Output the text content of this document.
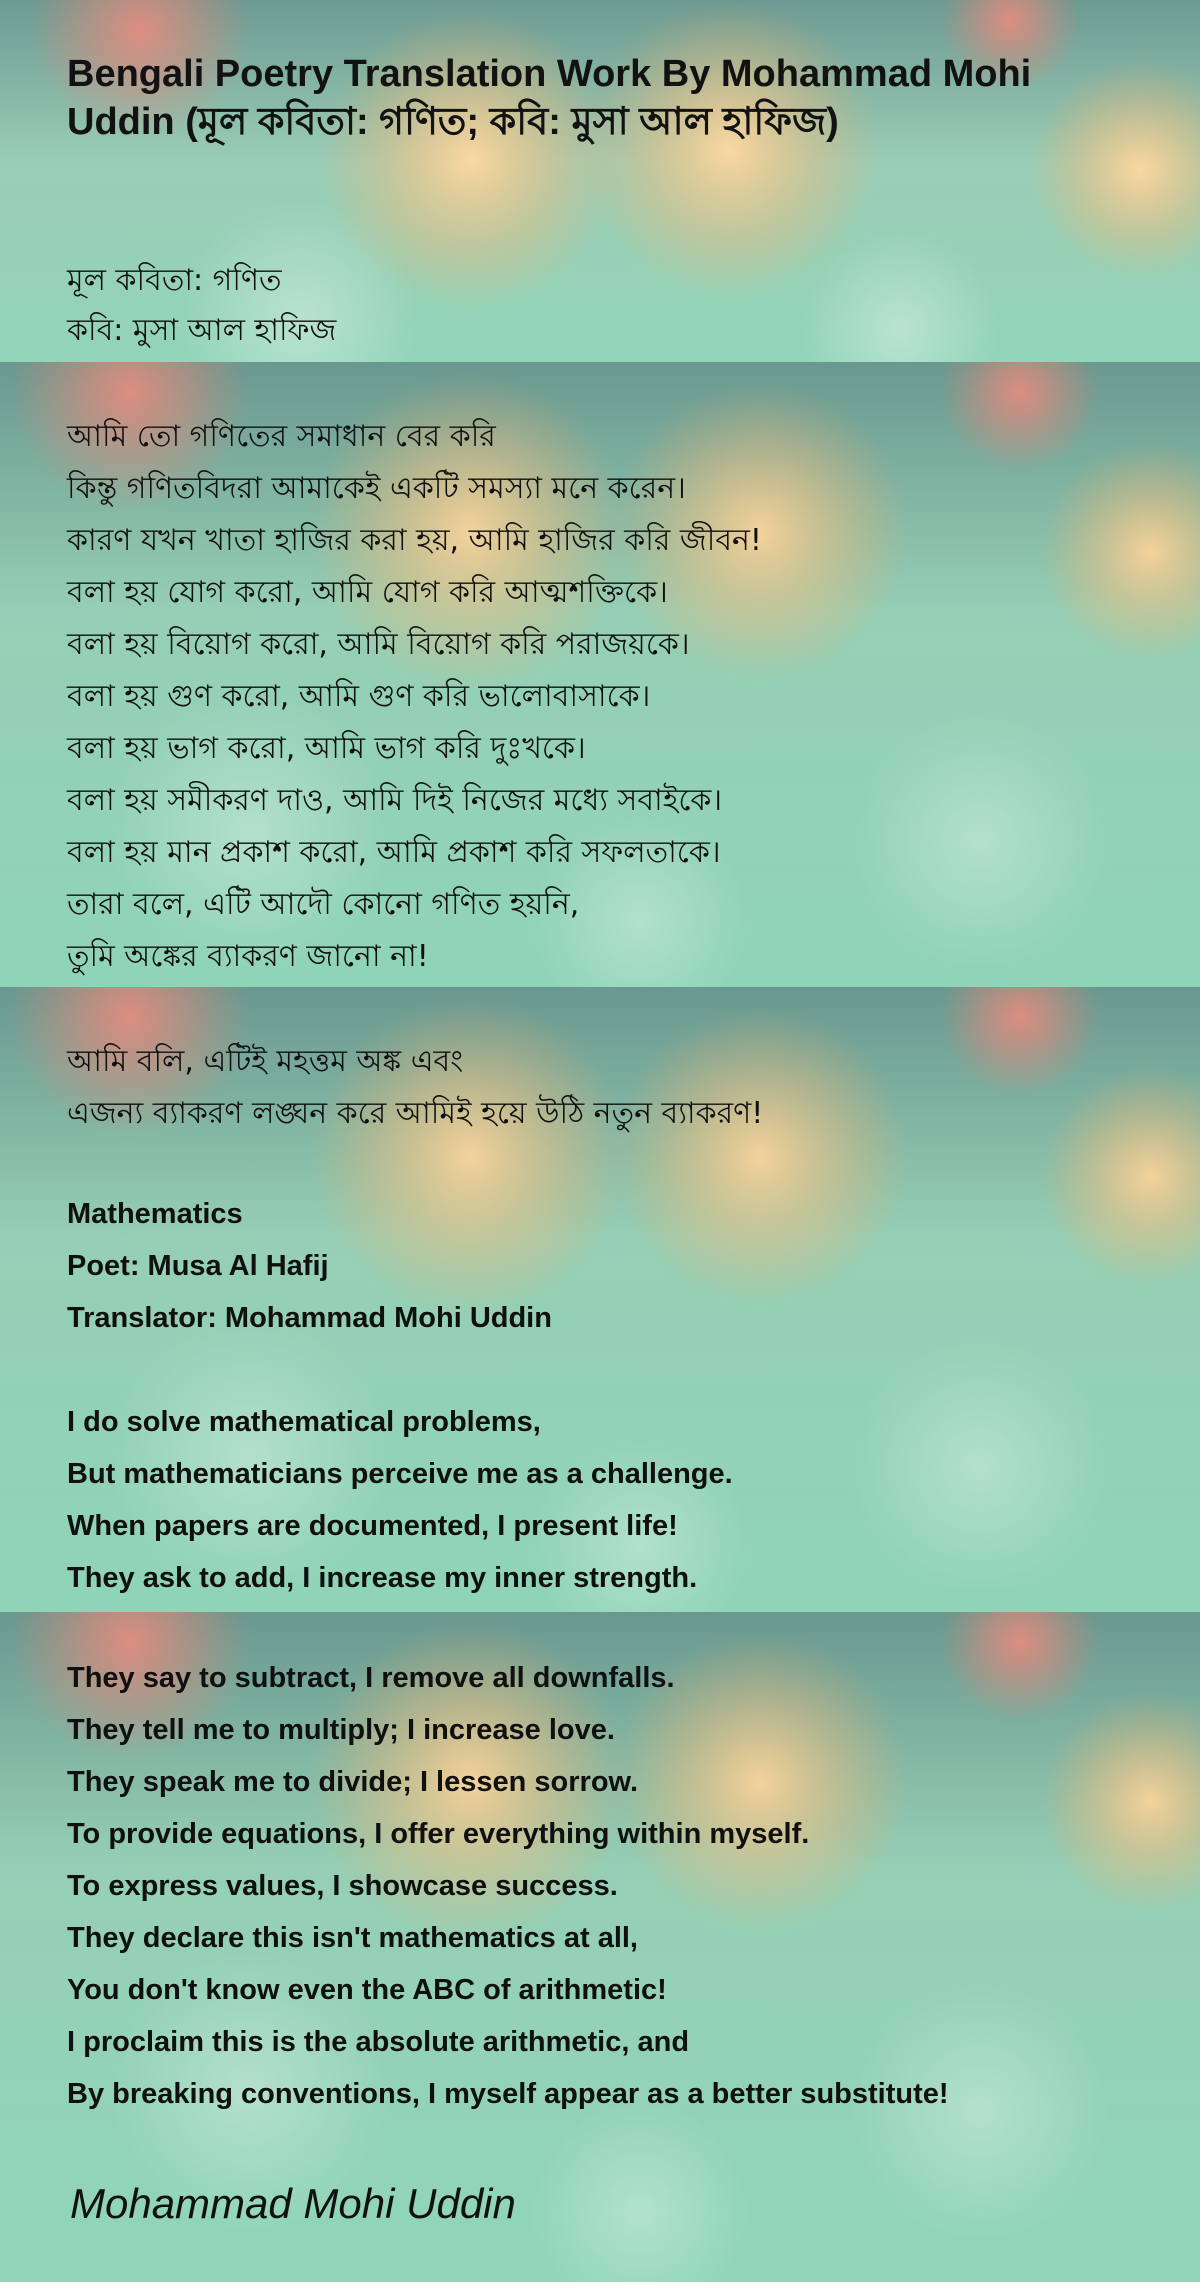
Bengali Poetry Translation Work By Mohammad Mohi Uddin (মূল কবিতা: গণিত; কবি: মুসা আল হাফিজ)
মূল কবিতা: গণিত
কবি: মুসা আল হাফিজ
আমি তো গণিতের সমাধান বের করি
কিন্তু গণিতবিদরা আমাকেই একটি সমস্যা মনে করেন।
কারণ যখন খাতা হাজির করা হয়, আমি হাজির করি জীবন!
বলা হয় যোগ করো, আমি যোগ করি আত্মশক্তিকে।
বলা হয় বিয়োগ করো, আমি বিয়োগ করি পরাজয়কে।
বলা হয় গুণ করো, আমি গুণ করি ভালোবাসাকে।
বলা হয় ভাগ করো, আমি ভাগ করি দুঃখকে।
বলা হয় সমীকরণ দাও, আমি দিই নিজের মধ্যে সবাইকে।
বলা হয় মান প্রকাশ করো, আমি প্রকাশ করি সফলতাকে।
তারা বলে, এটি আদৌ কোনো গণিত হয়নি,
তুমি অঙ্কের ব্যাকরণ জানো না!
আমি বলি, এটিই মহত্তম অঙ্ক এবং
এজন্য ব্যাকরণ লঙ্ঘন করে আমিই হয়ে উঠি নতুন ব্যাকরণ!
Mathematics
Poet: Musa Al Hafij
Translator: Mohammad Mohi Uddin
I do solve mathematical problems,
But mathematicians perceive me as a challenge.
When papers are documented, I present life!
They ask to add, I increase my inner strength.
They say to subtract, I remove all downfalls.
They tell me to multiply; I increase love.
They speak me to divide; I lessen sorrow.
To provide equations, I offer everything within myself.
To express values, I showcase success.
They declare this isn't mathematics at all,
You don't know even the ABC of arithmetic!
I proclaim this is the absolute arithmetic, and
By breaking conventions, I myself appear as a better substitute!
Mohammad Mohi Uddin
